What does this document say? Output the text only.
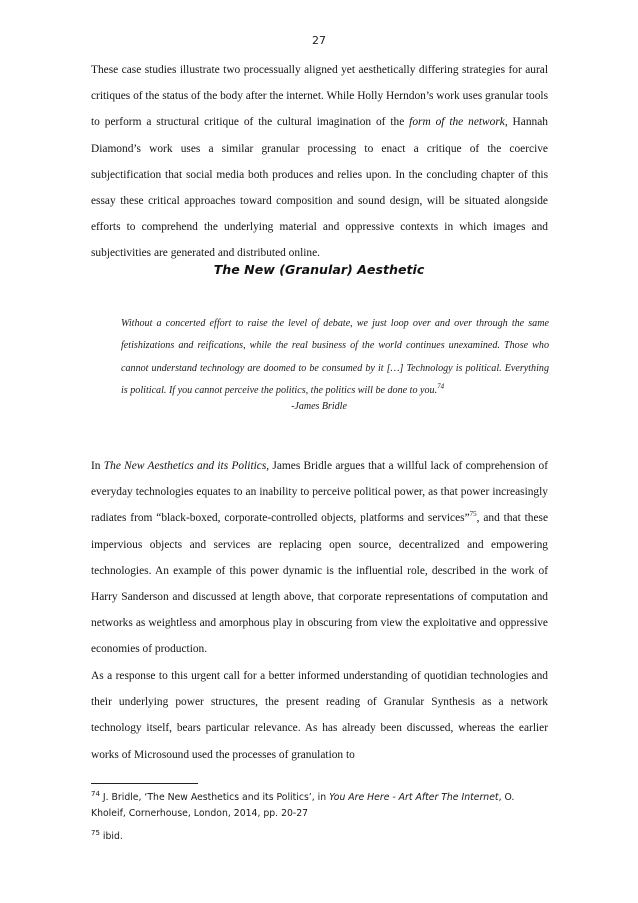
27

These case studies illustrate two processually aligned yet aesthetically differing strategies for aural critiques of the status of the body after the internet. While Holly Herndon’s work uses granular tools to perform a structural critique of the cultural imagination of the form of the network, Hannah Diamond’s work uses a similar granular processing to enact a critique of the coercive subjectification that social media both produces and relies upon. In the concluding chapter of this essay these critical approaches toward composition and sound design, will be situated alongside efforts to comprehend the underlying material and oppressive contexts in which images and subjectivities are generated and distributed online.

The New (Granular) Aesthetic

Without a concerted effort to raise the level of debate, we just loop over and over through the same fetishizations and reifications, while the real business of the world continues unexamined. Those who cannot understand technology are doomed to be consumed by it […] Technology is political. Everything is political. If you cannot perceive the politics, the politics will be done to you.$^{74}$

-James Bridle

In The New Aesthetics and its Politics, James Bridle argues that a willful lack of comprehension of everyday technologies equates to an inability to perceive political power, as that power increasingly radiates from “black-boxed, corporate-controlled objects, platforms and services”$^{75}$, and that these impervious objects and services are replacing open source, decentralized and empowering technologies. An example of this power dynamic is the influential role, described in the work of Harry Sanderson and discussed at length above, that corporate representations of computation and networks as weightless and amorphous play in obscuring from view the exploitative and oppressive economies of production.

As a response to this urgent call for a better informed understanding of quotidian technologies and their underlying power structures, the present reading of Granular Synthesis as a network technology itself, bears particular relevance. As has already been discussed, whereas the earlier works of Microsound used the processes of granulation to

$^{74}$ J. Bridle, ‘The New Aesthetics and its Politics’, in You Are Here - Art After The Internet, O. Kholeif, Cornerhouse, London, 2014, pp. 20-27

$^{75}$ ibid.
